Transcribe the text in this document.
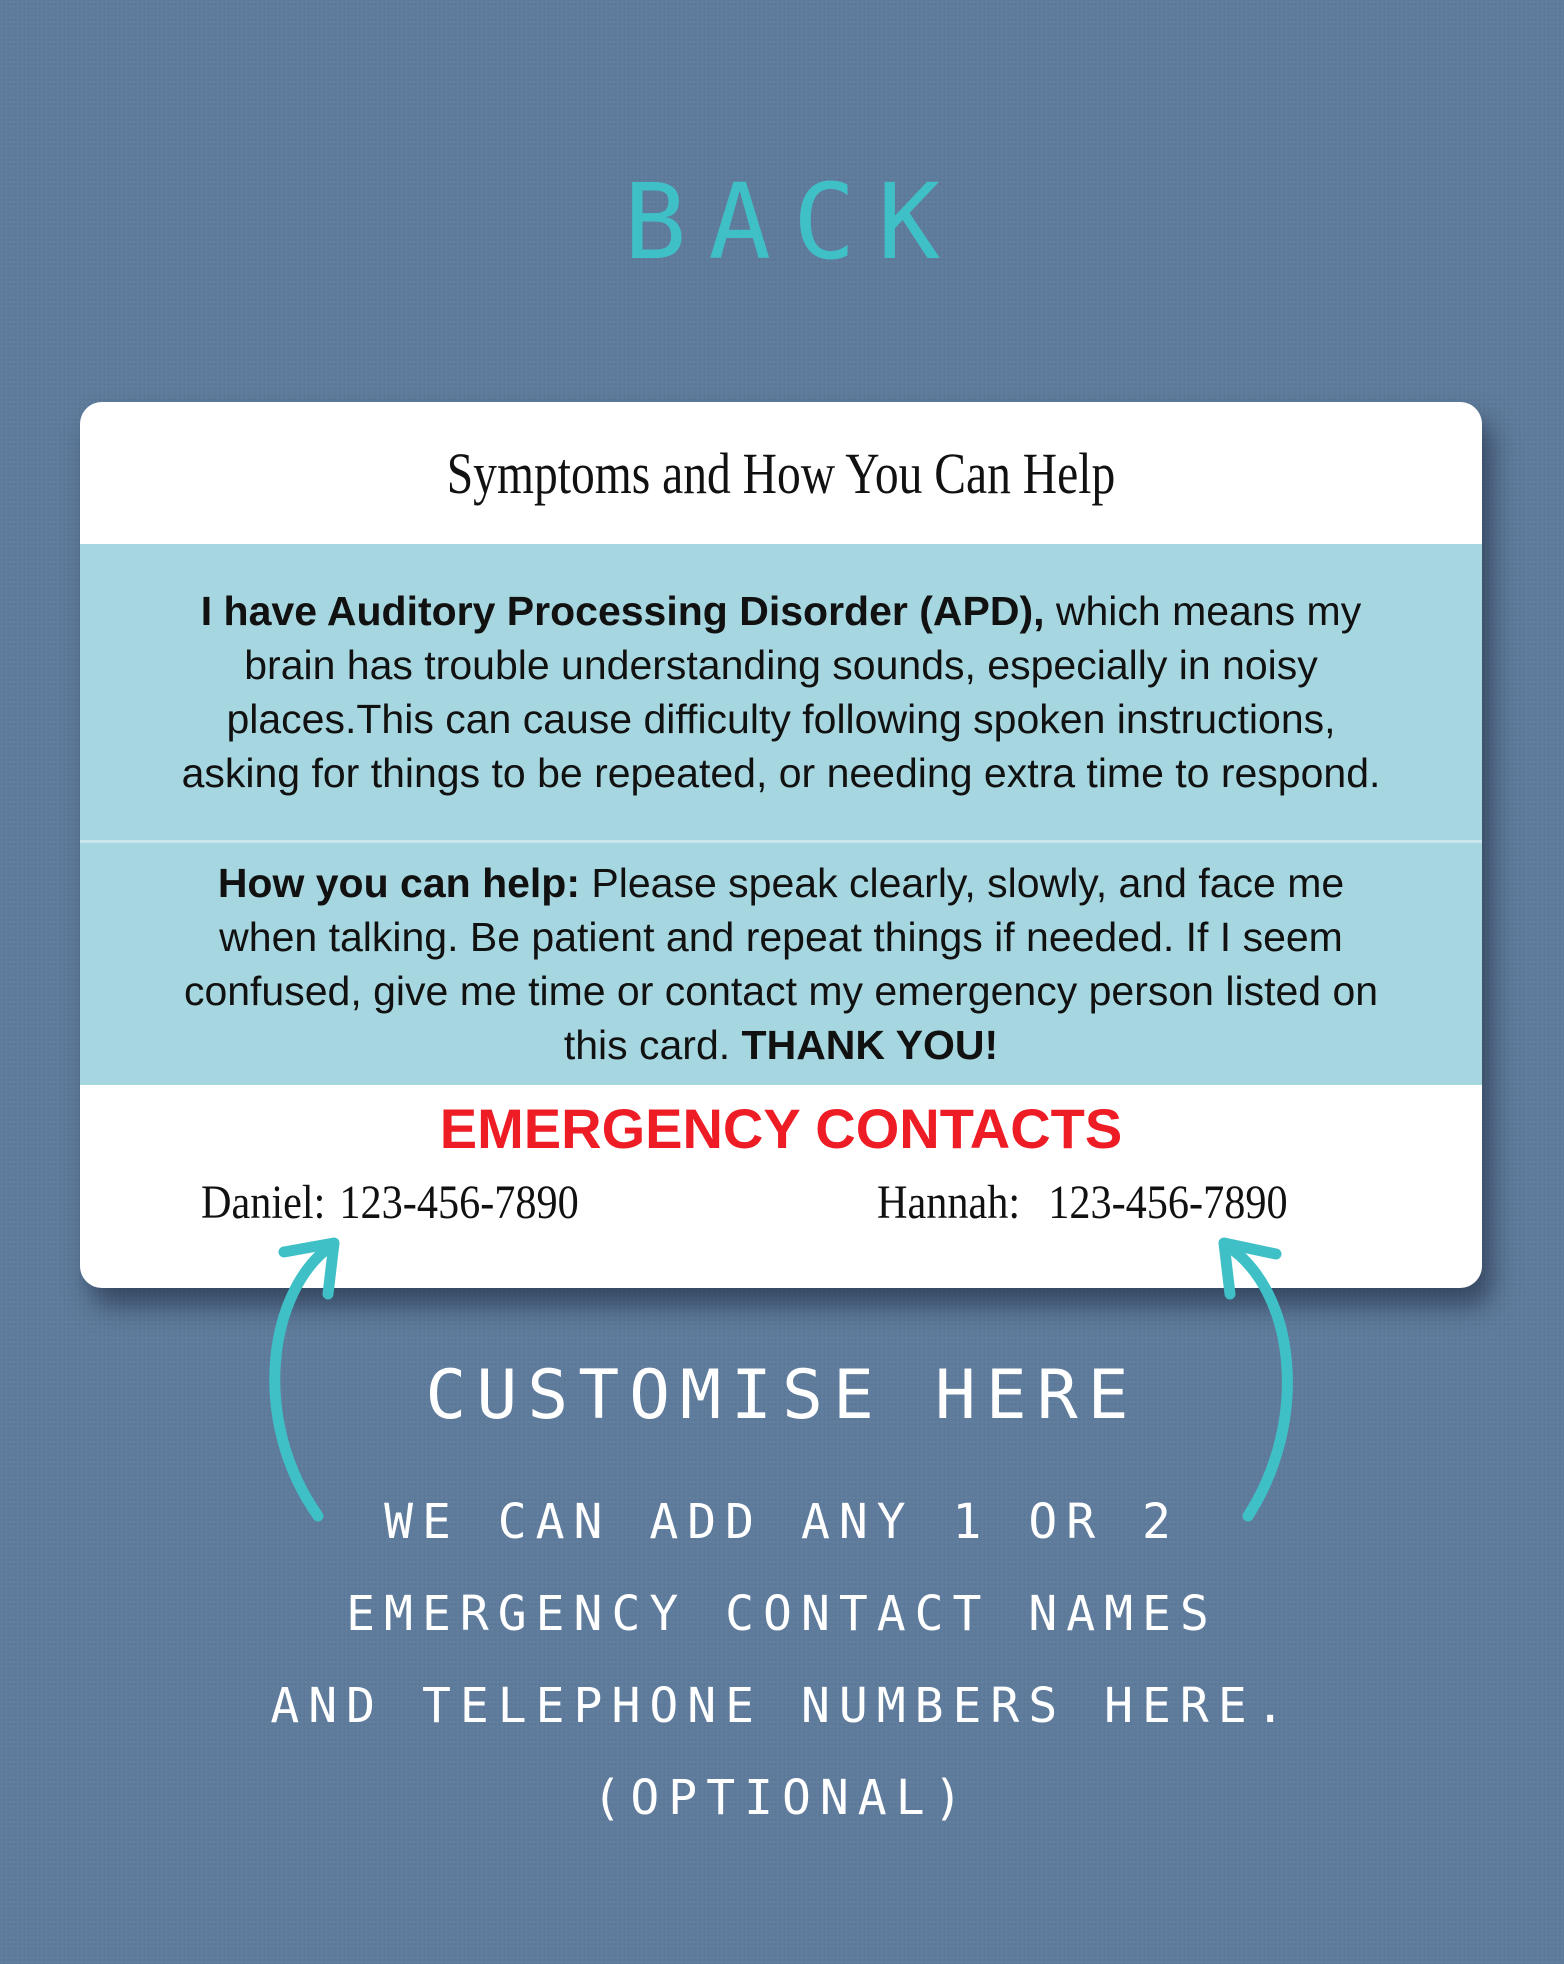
BACK
Symptoms and How You Can Help
I have Auditory Processing Disorder (APD), which means my brain has trouble understanding sounds, especially in noisy places.This can cause difficulty following spoken instructions, asking for things to be repeated, or needing extra time to respond.
How you can help: Please speak clearly, slowly, and face me when talking. Be patient and repeat things if needed. If I seem confused, give me time or contact my emergency person listed on this card. THANK YOU!
EMERGENCY CONTACTS
Daniel: 123-456-7890	Hannah: 123-456-7890
CUSTOMISE HERE
WE CAN ADD ANY 1 OR 2
EMERGENCY CONTACT NAMES
AND TELEPHONE NUMBERS HERE.
(OPTIONAL)
